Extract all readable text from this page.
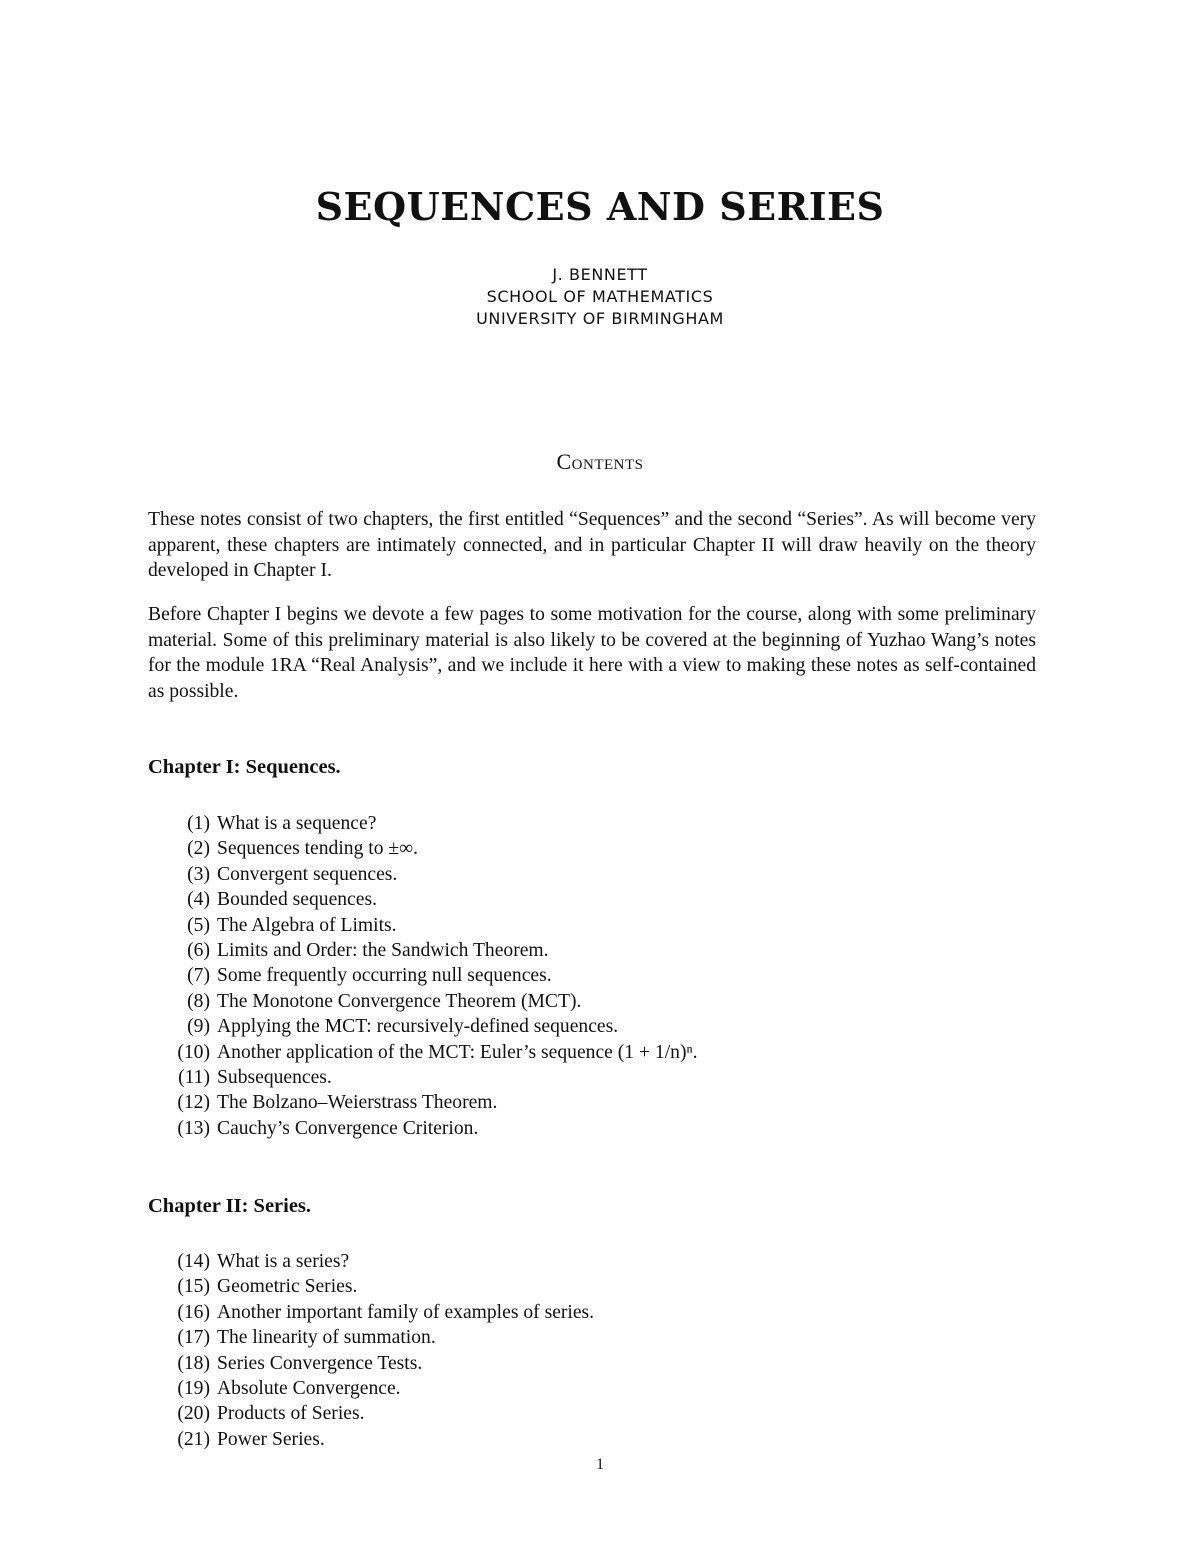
SEQUENCES AND SERIES
J. BENNETT
SCHOOL OF MATHEMATICS
UNIVERSITY OF BIRMINGHAM
Contents
These notes consist of two chapters, the first entitled “Sequences” and the second “Series”. As will become very apparent, these chapters are intimately connected, and in particular Chapter II will draw heavily on the theory developed in Chapter I.
Before Chapter I begins we devote a few pages to some motivation for the course, along with some preliminary material. Some of this preliminary material is also likely to be covered at the beginning of Yuzhao Wang’s notes for the module 1RA “Real Analysis”, and we include it here with a view to making these notes as self-contained as possible.
Chapter I: Sequences.
(1) What is a sequence?
(2) Sequences tending to ±∞.
(3) Convergent sequences.
(4) Bounded sequences.
(5) The Algebra of Limits.
(6) Limits and Order: the Sandwich Theorem.
(7) Some frequently occurring null sequences.
(8) The Monotone Convergence Theorem (MCT).
(9) Applying the MCT: recursively-defined sequences.
(10) Another application of the MCT: Euler’s sequence (1 + 1/n)ⁿ.
(11) Subsequences.
(12) The Bolzano–Weierstrass Theorem.
(13) Cauchy’s Convergence Criterion.
Chapter II: Series.
(14) What is a series?
(15) Geometric Series.
(16) Another important family of examples of series.
(17) The linearity of summation.
(18) Series Convergence Tests.
(19) Absolute Convergence.
(20) Products of Series.
(21) Power Series.
1
